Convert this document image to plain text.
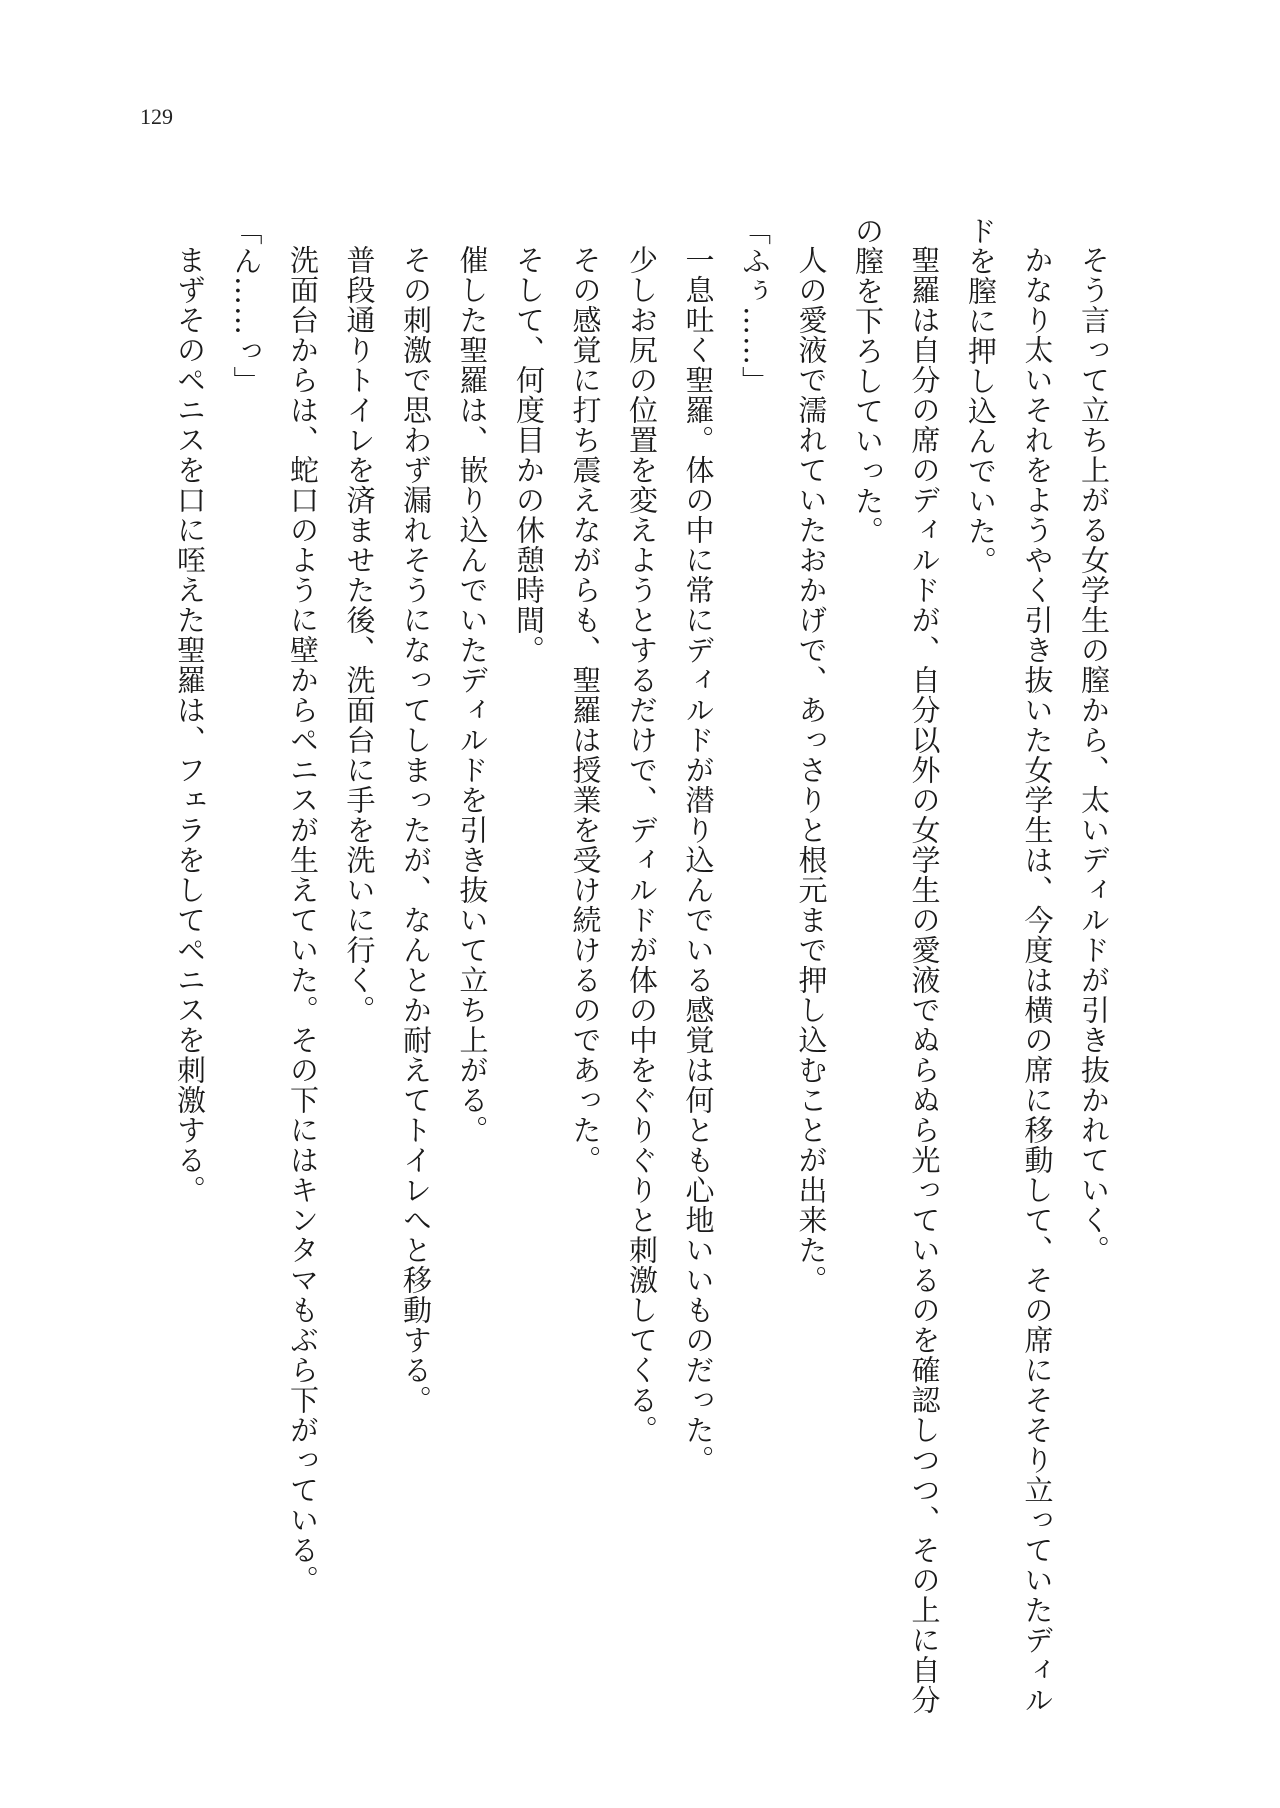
129
そう言って立ち上がる女学生の膣から、太いディルドが引き抜かれていく。
かなり太いそれをようやく引き抜いた女学生は、今度は横の席に移動して、その席にそそり立っていたディル
ドを膣に押し込んでいた。
聖羅は自分の席のディルドが、自分以外の女学生の愛液でぬらぬら光っているのを確認しつつ、その上に自分
の膣を下ろしていった。
人の愛液で濡れていたおかげで、あっさりと根元まで押し込むことが出来た。
「ふぅ……」
一息吐く聖羅。体の中に常にディルドが潜り込んでいる感覚は何とも心地いいものだった。
少しお尻の位置を変えようとするだけで、ディルドが体の中をぐりぐりと刺激してくる。
その感覚に打ち震えながらも、聖羅は授業を受け続けるのであった。
そして、何度目かの休憩時間。
催した聖羅は、嵌り込んでいたディルドを引き抜いて立ち上がる。
その刺激で思わず漏れそうになってしまったが、なんとか耐えてトイレへと移動する。
普段通りトイレを済ませた後、洗面台に手を洗いに行く。
洗面台からは、蛇口のように壁からペニスが生えていた。その下にはキンタマもぶら下がっている。
「ん……っ」
まずそのペニスを口に咥えた聖羅は、フェラをしてペニスを刺激する。
